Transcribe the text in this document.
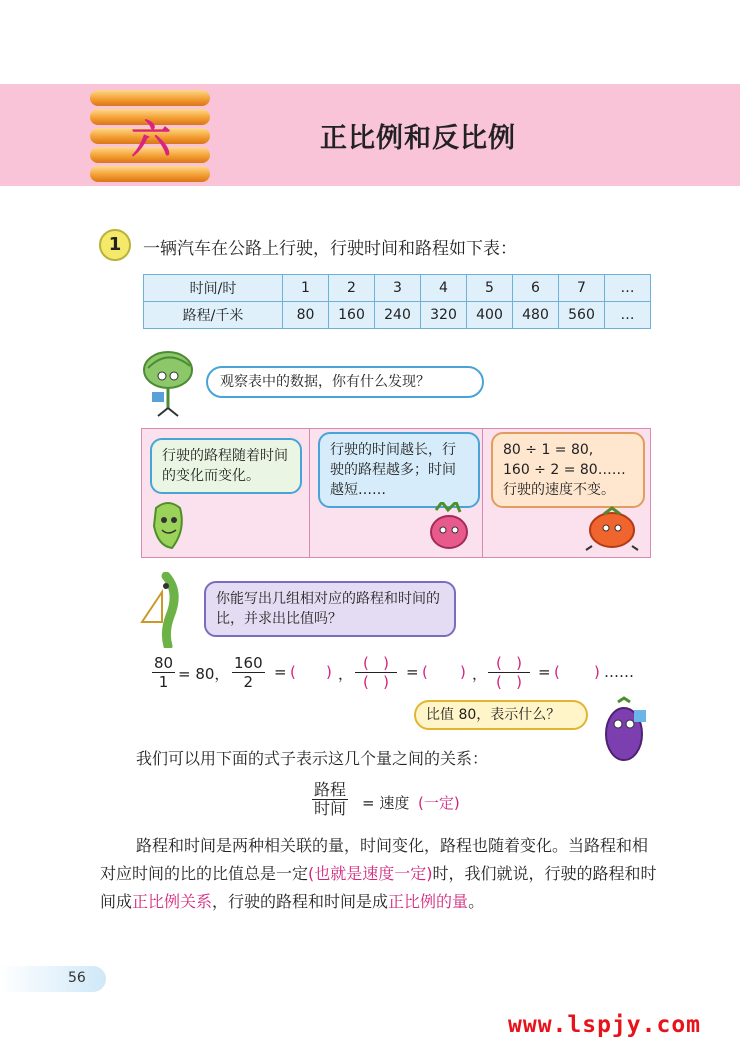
六	正比例和反比例
1	一辆汽车在公路上行驶，行驶时间和路程如下表：
时间/时	1	2	3	4	5	6	7	…
路程/千米	80	160	240	320	400	480	560	…
观察表中的数据，你有什么发现？
行驶的路程随着时间的变化而变化。
行驶的时间越长，行驶的路程越多；时间越短……
80 ÷ 1 = 80,
160 ÷ 2 = 80……
行驶的速度不变。
你能写出几组相对应的路程和时间的比，并求出比值吗？
$\frac{80}{1} = 80$， $\frac{160}{2}$ = ( ) ，
( )
( )
= ( ) ，
( )
( )
= ( ) ……
比值 80，表示什么？
我们可以用下面的式子表示这几个量之间的关系：
路程
时间 = 速度 (一定)
路程和时间是两种相关联的量，时间变化，路程也随着变化。当路程和相对应时间的比的比值总是一定(也就是速度一定)时，我们就说，行驶的路程和时间成正比例关系，行驶的路程和时间是成正比例的量。
56
www.lspjy.com
